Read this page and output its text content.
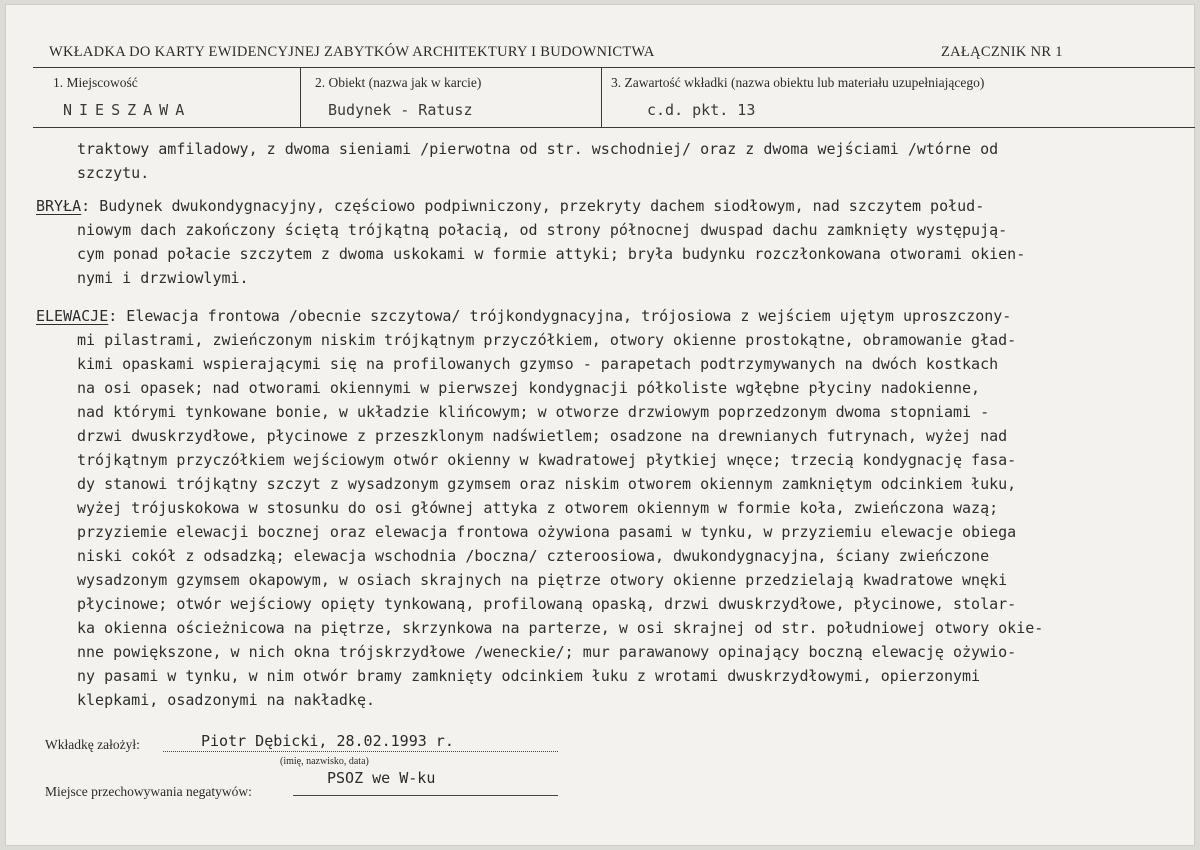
WKŁADKA DO KARTY EWIDENCYJNEJ ZABYTKÓW ARCHITEKTURY I BUDOWNICTWA	ZAŁĄCZNIK NR 1
1. Miejscowość
NIESZAWA
2. Obiekt (nazwa jak w karcie)
Budynek - Ratusz
3. Zawartość wkładki (nazwa obiektu lub materiału uzupełniającego)
c.d. pkt. 13
traktowy amfiladowy, z dwoma sieniami /pierwotna od str. wschodniej/ oraz z dwoma wejściami /wtórne od
szczytu.
BRYŁA: Budynek dwukondygnacyjny, częściowo podpiwniczony, przekryty dachem siodłowym, nad szczytem połud-
niowym dach zakończony ściętą trójkątną połacią, od strony północnej dwuspad dachu zamknięty występują-
cym ponad połacie szczytem z dwoma uskokami w formie attyki; bryła budynku rozczłonkowana otworami okien-
nymi i drzwiowlymi.
ELEWACJE: Elewacja frontowa /obecnie szczytowa/ trójkondygnacyjna, trójosiowa z wejściem ujętym uproszczony-
mi pilastrami, zwieńczonym niskim trójkątnym przyczółkiem, otwory okienne prostokątne, obramowanie gład-
kimi opaskami wspierającymi się na profilowanych gzymso - parapetach podtrzymywanych na dwóch kostkach
na osi opasek; nad otworami okiennymi w pierwszej kondygnacji półkoliste wgłębne płyciny nadokienne,
nad którymi tynkowane bonie, w układzie klińcowym; w otworze drzwiowym poprzedzonym dwoma stopniami -
drzwi dwuskrzydłowe, płycinowe z przeszklonym nadświetlem; osadzone na drewnianych futrynach, wyżej nad
trójkątnym przyczółkiem wejściowym otwór okienny w kwadratowej płytkiej wnęce; trzecią kondygnację fasa-
dy stanowi trójkątny szczyt z wysadzonym gzymsem oraz niskim otworem okiennym zamkniętym odcinkiem łuku,
wyżej trójuskokowa w stosunku do osi głównej attyka z otworem okiennym w formie koła, zwieńczona wazą;
przyziemie elewacji bocznej oraz elewacja frontowa ożywiona pasami w tynku, w przyziemiu elewacje obiega
niski cokół z odsadzką; elewacja wschodnia /boczna/ czteroosiowa, dwukondygnacyjna, ściany zwieńczone
wysadzonym gzymsem okapowym, w osiach skrajnych na piętrze otwory okienne przedzielają kwadratowe wnęki
płycinowe; otwór wejściowy opięty tynkowaną, profilowaną opaską, drzwi dwuskrzydłowe, płycinowe, stolar-
ka okienna ościeżnicowa na piętrze, skrzynkowa na parterze, w osi skrajnej od str. południowej otwory okie-
nne powiększone, w nich okna trójskrzydłowe /weneckie/; mur parawanowy opinający boczną elewację ożywio-
ny pasami w tynku, w nim otwór bramy zamknięty odcinkiem łuku z wrotami dwuskrzydłowymi, opierzonymi
klepkami, osadzonymi na nakładkę.
Wkładkę założył:	Piotr Dębicki, 28.02.1993 r.
(imię, nazwisko, data)
PSOZ we W-ku
Miejsce przechowywania negatywów:
